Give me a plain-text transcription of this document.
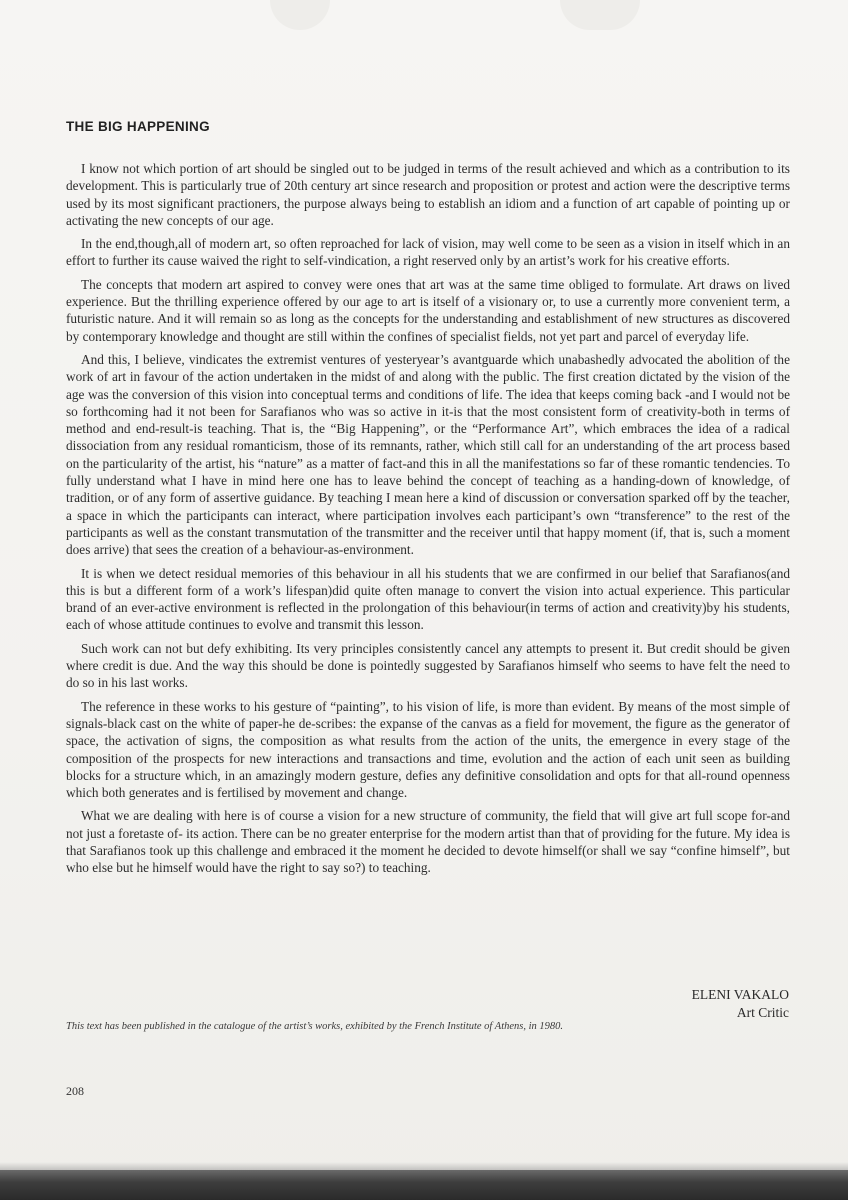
THE BIG HAPPENING

I know not which portion of art should be singled out to be judged in terms of the result achieved and which as a contribution to its development. This is particularly true of 20th century art since research and proposition or protest and action were the descriptive terms used by its most significant practioners, the purpose always being to establish an idiom and a function of art capable of pointing up or activating the new concepts of our age.

In the end,though,all of modern art, so often reproached for lack of vision, may well come to be seen as a vision in itself which in an effort to further its cause waived the right to self-vindication, a right reserved only by an artist’s work for his creative efforts.

The concepts that modern art aspired to convey were ones that art was at the same time obliged to formulate. Art draws on lived experience. But the thrilling experience offered by our age to art is itself of a visionary or, to use a currently more convenient term, a futuristic nature. And it will remain so as long as the concepts for the understanding and establishment of new structures as discovered by contemporary knowledge and thought are still within the confines of specialist fields, not yet part and parcel of everyday life.

And this, I believe, vindicates the extremist ventures of yesteryear’s avantguarde which unabashedly advocated the abolition of the work of art in favour of the action undertaken in the midst of and along with the public. The first creation dictated by the vision of the age was the conversion of this vision into conceptual terms and conditions of life. The idea that keeps coming back -and I would not be so forthcoming had it not been for Sarafianos who was so active in it-is that the most consistent form of creativity-both in terms of method and end-result-is teaching. That is, the “Big Happening”, or the “Performance Art”, which embraces the idea of a radical dissociation from any residual romanticism, those of its remnants, rather, which still call for an understanding of the art process based on the particularity of the artist, his “nature” as a matter of fact-and this in all the manifestations so far of these romantic tendencies. To fully understand what I have in mind here one has to leave behind the concept of teaching as a handing-down of knowledge, of tradition, or of any form of assertive guidance. By teaching I mean here a kind of discussion or conversation sparked off by the teacher, a space in which the participants can interact, where participation involves each participant’s own “transference” to the rest of the participants as well as the constant transmutation of the transmitter and the receiver until that happy moment (if, that is, such a moment does arrive) that sees the creation of a behaviour-as-environment.

It is when we detect residual memories of this behaviour in all his students that we are confirmed in our belief that Sarafianos(and this is but a different form of a work’s lifespan)did quite often manage to convert the vision into actual experience. This particular brand of an ever-active environment is reflected in the prolongation of this behaviour(in terms of action and creativity)by his students, each of whose attitude continues to evolve and transmit this lesson.

Such work can not but defy exhibiting. Its very principles consistently cancel any attempts to present it. But credit should be given where credit is due. And the way this should be done is pointedly suggested by Sarafianos himself who seems to have felt the need to do so in his last works.

The reference in these works to his gesture of “painting”, to his vision of life, is more than evident. By means of the most simple of signals-black cast on the white of paper-he de-scribes: the expanse of the canvas as a field for movement, the figure as the generator of space, the activation of signs, the composition as what results from the action of the units, the emergence in every stage of the composition of the prospects for new interactions and transactions and time, evolution and the action of each unit seen as building blocks for a structure which, in an amazingly modern gesture, defies any definitive consolidation and opts for that all-round openness which both generates and is fertilised by movement and change.

What we are dealing with here is of course a vision for a new structure of community, the field that will give art full scope for-and not just a foretaste of- its action. There can be no greater enterprise for the modern artist than that of providing for the future. My idea is that Sarafianos took up this challenge and embraced it the moment he decided to devote himself(or shall we say “confine himself”, but who else but he himself would have the right to say so?) to teaching.

ELENI VAKALO
Art Critic
This text has been published in the catalogue of the artist’s works, exhibited by the French Institute of Athens, in 1980.
208
